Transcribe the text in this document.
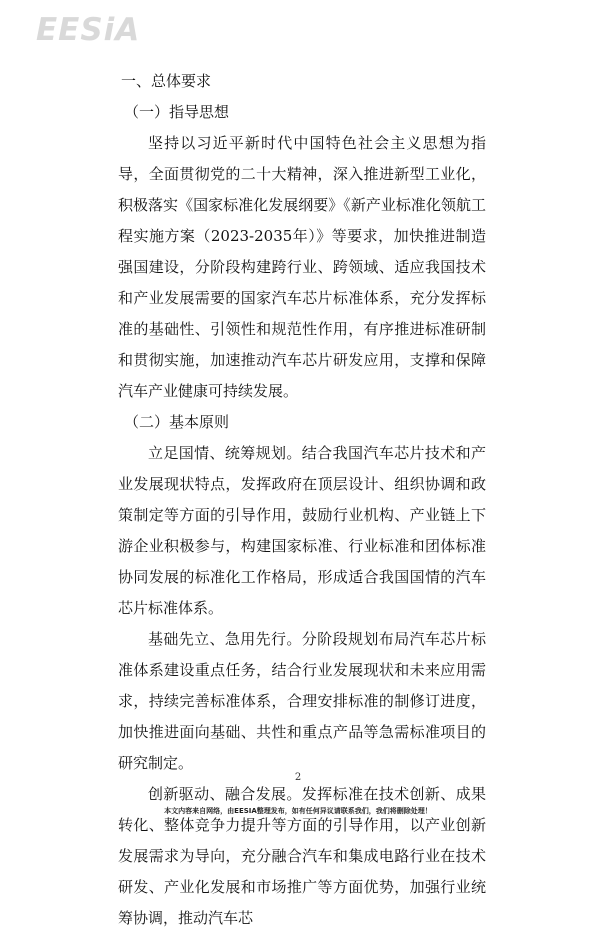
EESiA
一、总体要求
（一）指导思想

坚持以习近平新时代中国特色社会主义思想为指导，全面贯彻党的二十大精神，深入推进新型工业化，积极落实《国家标准化发展纲要》《新产业标准化领航工程实施方案（2023-2035年）》等要求，加快推进制造强国建设，分阶段构建跨行业、跨领域、适应我国技术和产业发展需要的国家汽车芯片标准体系，充分发挥标准的基础性、引领性和规范性作用，有序推进标准研制和贯彻实施，加速推动汽车芯片研发应用，支撑和保障汽车产业健康可持续发展。

（二）基本原则

立足国情、统筹规划。结合我国汽车芯片技术和产业发展现状特点，发挥政府在顶层设计、组织协调和政策制定等方面的引导作用，鼓励行业机构、产业链上下游企业积极参与，构建国家标准、行业标准和团体标准协同发展的标准化工作格局，形成适合我国国情的汽车芯片标准体系。

基础先立、急用先行。分阶段规划布局汽车芯片标准体系建设重点任务，结合行业发展现状和未来应用需求，持续完善标准体系，合理安排标准的制修订进度，加快推进面向基础、共性和重点产品等急需标准项目的研究制定。

创新驱动、融合发展。发挥标准在技术创新、成果转化、整体竞争力提升等方面的引导作用，以产业创新发展需求为导向，充分融合汽车和集成电路行业在技术研发、产业化发展和市场推广等方面优势，加强行业统筹协调，推动汽车芯

2
本文内容来自网络，由EESIA整理发布，如有任何异议请联系我们，我们将删除处理！
